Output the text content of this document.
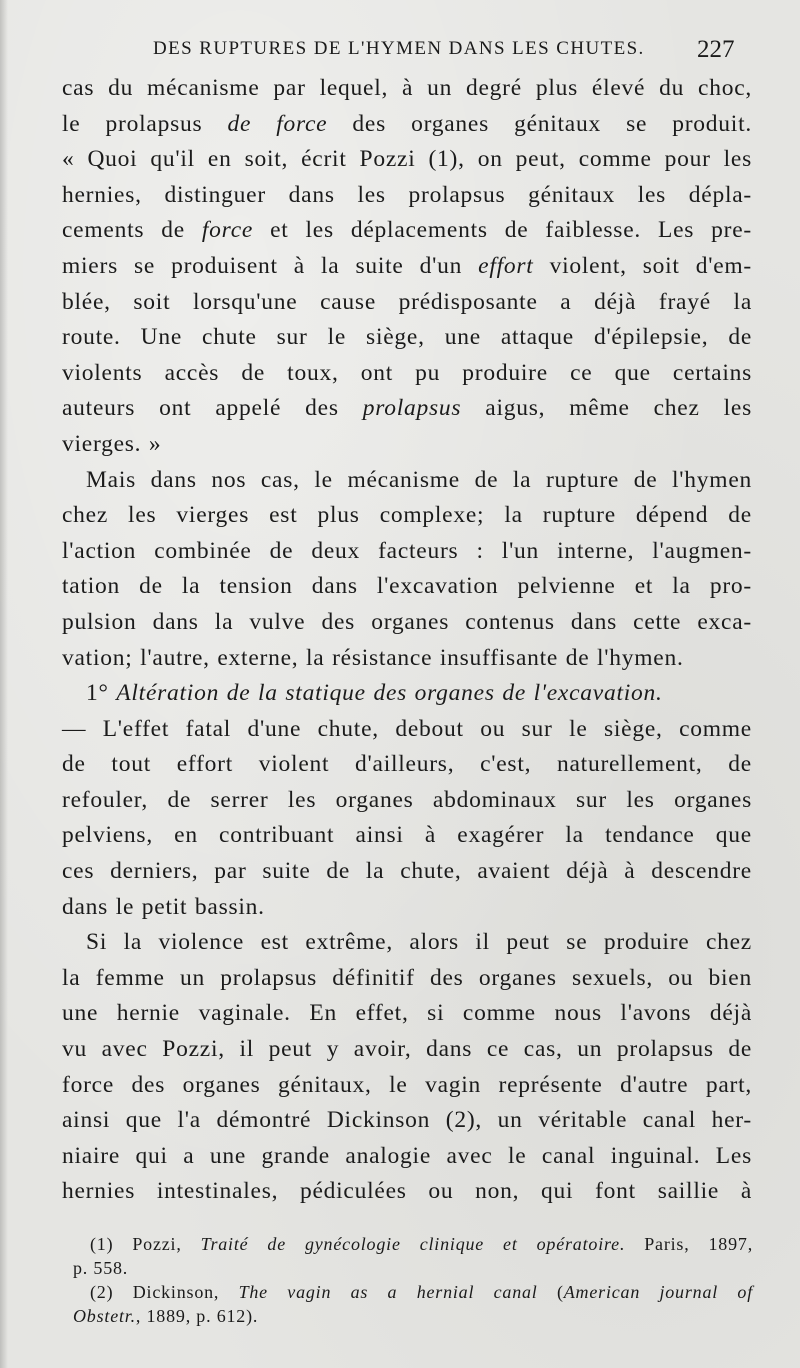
DES RUPTURES DE L'HYMEN DANS LES CHUTES. 227
cas du mécanisme par lequel, à un degré plus élevé du choc,
le prolapsus de force des organes génitaux se produit.
« Quoi qu'il en soit, écrit Pozzi (1), on peut, comme pour les
hernies, distinguer dans les prolapsus génitaux les dépla-
cements de force et les déplacements de faiblesse. Les pre-
miers se produisent à la suite d'un effort violent, soit d'em-
blée, soit lorsqu'une cause prédisposante a déjà frayé la
route. Une chute sur le siège, une attaque d'épilepsie, de
violents accès de toux, ont pu produire ce que certains
auteurs ont appelé des prolapsus aigus, même chez les
vierges. »
Mais dans nos cas, le mécanisme de la rupture de l'hymen
chez les vierges est plus complexe; la rupture dépend de
l'action combinée de deux facteurs : l'un interne, l'augmen-
tation de la tension dans l'excavation pelvienne et la pro-
pulsion dans la vulve des organes contenus dans cette exca-
vation; l'autre, externe, la résistance insuffisante de l'hymen.
1° Altération de la statique des organes de l'excavation.
— L'effet fatal d'une chute, debout ou sur le siège, comme
de tout effort violent d'ailleurs, c'est, naturellement, de
refouler, de serrer les organes abdominaux sur les organes
pelviens, en contribuant ainsi à exagérer la tendance que
ces derniers, par suite de la chute, avaient déjà à descendre
dans le petit bassin.
Si la violence est extrême, alors il peut se produire chez
la femme un prolapsus définitif des organes sexuels, ou bien
une hernie vaginale. En effet, si comme nous l'avons déjà
vu avec Pozzi, il peut y avoir, dans ce cas, un prolapsus de
force des organes génitaux, le vagin représente d'autre part,
ainsi que l'a démontré Dickinson (2), un véritable canal her-
niaire qui a une grande analogie avec le canal inguinal. Les
hernies intestinales, pédiculées ou non, qui font saillie à
(1) Pozzi, Traité de gynécologie clinique et opératoire. Paris, 1897,
p. 558.
(2) Dickinson, The vagin as a hernial canal (American journal of
Obstetr., 1889, p. 612).
